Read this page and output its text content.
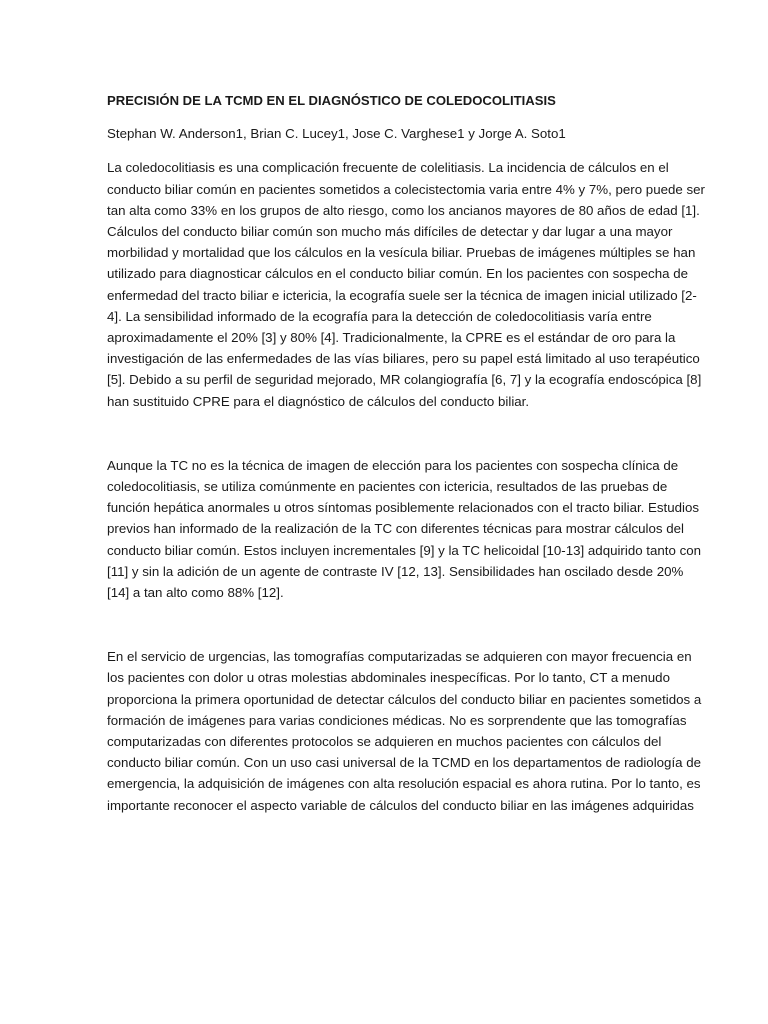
PRECISIÓN DE LA TCMD EN EL DIAGNÓSTICO DE COLEDOCOLITIASIS
Stephan W. Anderson1, Brian C. Lucey1, Jose C. Varghese1 y Jorge A. Soto1

La coledocolitiasis es una complicación frecuente de colelitiasis. La incidencia de cálculos en el conducto biliar común en pacientes sometidos a colecistectomia varia entre 4% y 7%, pero puede ser tan alta como 33% en los grupos de alto riesgo, como los ancianos mayores de 80 años de edad [1]. Cálculos del conducto biliar común son mucho más difíciles de detectar y dar lugar a una mayor morbilidad y mortalidad que los cálculos en la vesícula biliar. Pruebas de imágenes múltiples se han utilizado para diagnosticar cálculos en el conducto biliar común. En los pacientes con sospecha de enfermedad del tracto biliar e ictericia, la ecografía suele ser la técnica de imagen inicial utilizado [2-4]. La sensibilidad informado de la ecografía para la detección de coledocolitiasis varía entre aproximadamente el 20% [3] y 80% [4]. Tradicionalmente, la CPRE es el estándar de oro para la investigación de las enfermedades de las vías biliares, pero su papel está limitado al uso terapéutico [5]. Debido a su perfil de seguridad mejorado, MR colangiografía [6, 7] y la ecografía endoscópica [8] han sustituido CPRE para el diagnóstico de cálculos del conducto biliar.

Aunque la TC no es la técnica de imagen de elección para los pacientes con sospecha clínica de coledocolitiasis, se utiliza comúnmente en pacientes con ictericia, resultados de las pruebas de función hepática anormales u otros síntomas posiblemente relacionados con el tracto biliar. Estudios previos han informado de la realización de la TC con diferentes técnicas para mostrar cálculos del conducto biliar común. Estos incluyen incrementales [9] y la TC helicoidal [10-13] adquirido tanto con [11] y sin la adición de un agente de contraste IV [12, 13]. Sensibilidades han oscilado desde 20% [14] a tan alto como 88% [12].

En el servicio de urgencias, las tomografías computarizadas se adquieren con mayor frecuencia en los pacientes con dolor u otras molestias abdominales inespecíficas. Por lo tanto, CT a menudo proporciona la primera oportunidad de detectar cálculos del conducto biliar en pacientes sometidos a formación de imágenes para varias condiciones médicas. No es sorprendente que las tomografías computarizadas con diferentes protocolos se adquieren en muchos pacientes con cálculos del conducto biliar común. Con un uso casi universal de la TCMD en los departamentos de radiología de emergencia, la adquisición de imágenes con alta resolución espacial es ahora rutina. Por lo tanto, es importante reconocer el aspecto variable de cálculos del conducto biliar en las imágenes adquiridas
